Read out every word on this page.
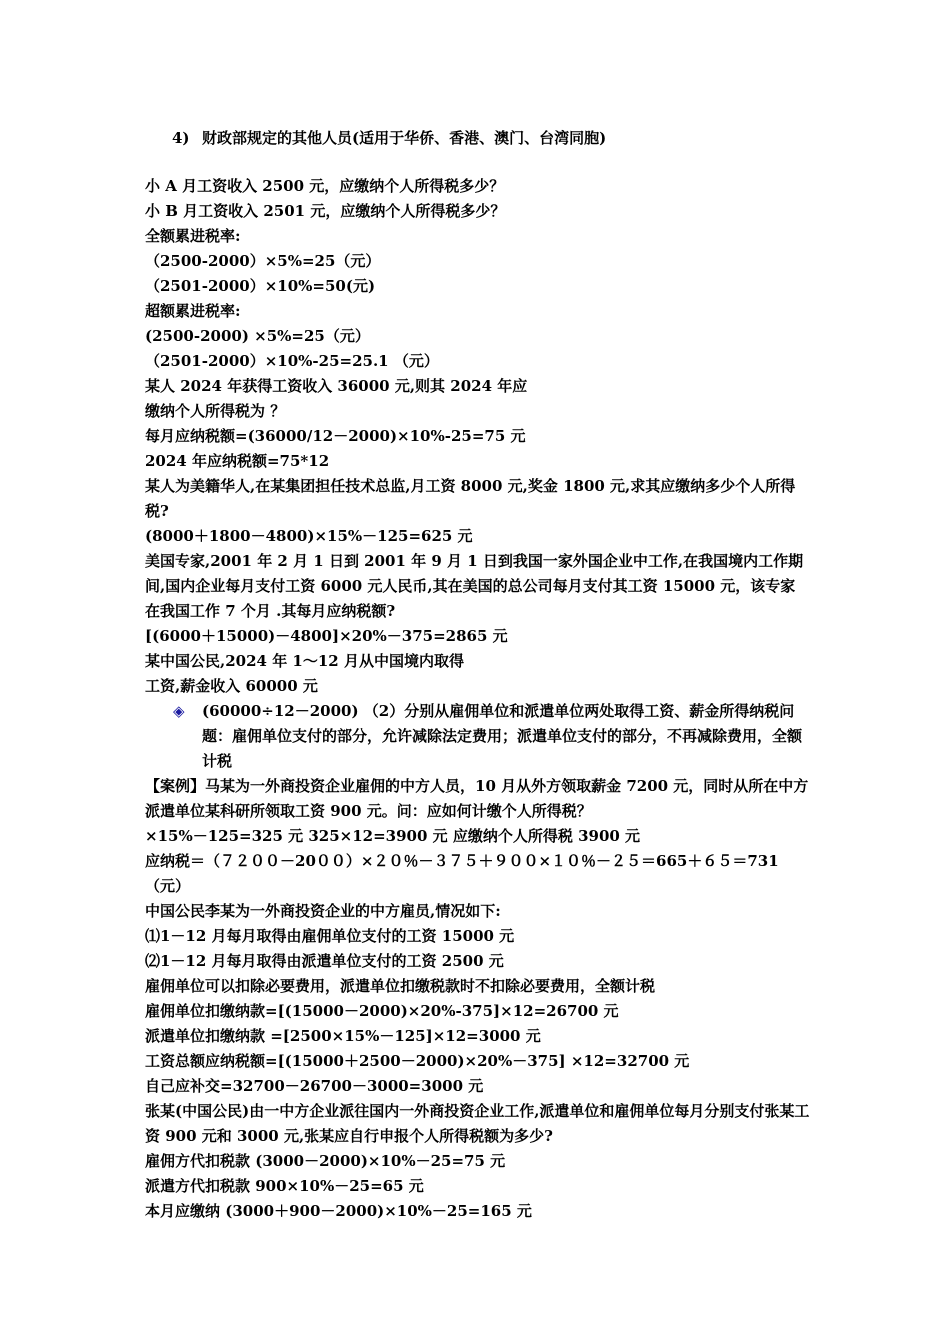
4) 财政部规定的其他人员(适用于华侨、香港、澳门、台湾同胞)

小 A 月工资收入 2500 元，应缴纳个人所得税多少？

小 B 月工资收入 2501 元，应缴纳个人所得税多少？

全额累进税率:

（2500-2000）×5%=25（元）

（2501-2000）×10%=50(元)

超额累进税率:

(2500-2000) ×5%=25（元）

（2501-2000）×10%-25=25.1 （元）

某人 2024 年获得工资收入 36000 元,则其 2024 年应

缴纳个人所得税为 ？

每月应纳税额=(36000/12－2000)×10%-25=75 元

2024 年应纳税额=75*12

某人为美籍华人,在某集团担任技术总监,月工资 8000 元,奖金 1800 元,求其应缴纳多少个人所得税?

(8000＋1800－4800)×15%－125=625 元

美国专家,2001 年 2 月 1 日到 2001 年 9 月 1 日到我国一家外国企业中工作,在我国境内工作期间,国内企业每月支付工资 6000 元人民币,其在美国的总公司每月支付其工资 15000 元，该专家在我国工作 7 个月 .其每月应纳税额?

[(6000＋15000)－4800]×20%－375=2865 元

某中国公民,2024 年 1～12 月从中国境内取得

工资,薪金收入 60000 元

◈	(60000÷12－2000) （2）分别从雇佣单位和派遣单位两处取得工资、薪金所得纳税问题：雇佣单位支付的部分，允许减除法定费用；派遣单位支付的部分，不再减除费用，全额计税

【案例】马某为一外商投资企业雇佣的中方人员，10 月从外方领取薪金 7200 元，同时从所在中方派遣单位某科研所领取工资 900 元。问：应如何计缴个人所得税？

×15%－125=325 元 325×12=3900 元 应缴纳个人所得税 3900 元

应纳税＝（７２００－20００）×２０％－３７５＋９００×１０％－２５＝665＋６５＝731（元）

中国公民李某为一外商投资企业的中方雇员,情况如下:

⑴1－12 月每月取得由雇佣单位支付的工资 15000 元

⑵1－12 月每月取得由派遣单位支付的工资 2500 元

雇佣单位可以扣除必要费用，派遣单位扣缴税款时不扣除必要费用，全额计税

雇佣单位扣缴纳款=[(15000－2000)×20%-375]×12=26700 元

派遣单位扣缴纳款 =[2500×15%－125]×12=3000 元

工资总额应纳税额=[(15000＋2500－2000)×20%－375] ×12=32700 元

自己应补交=32700－26700－3000=3000 元

张某(中国公民)由一中方企业派往国内一外商投资企业工作,派遣单位和雇佣单位每月分别支付张某工资 900 元和 3000 元,张某应自行申报个人所得税额为多少?

雇佣方代扣税款 (3000－2000)×10%－25=75 元

派遣方代扣税款 900×10%－25=65 元

本月应缴纳 (3000＋900－2000)×10%－25=165 元
